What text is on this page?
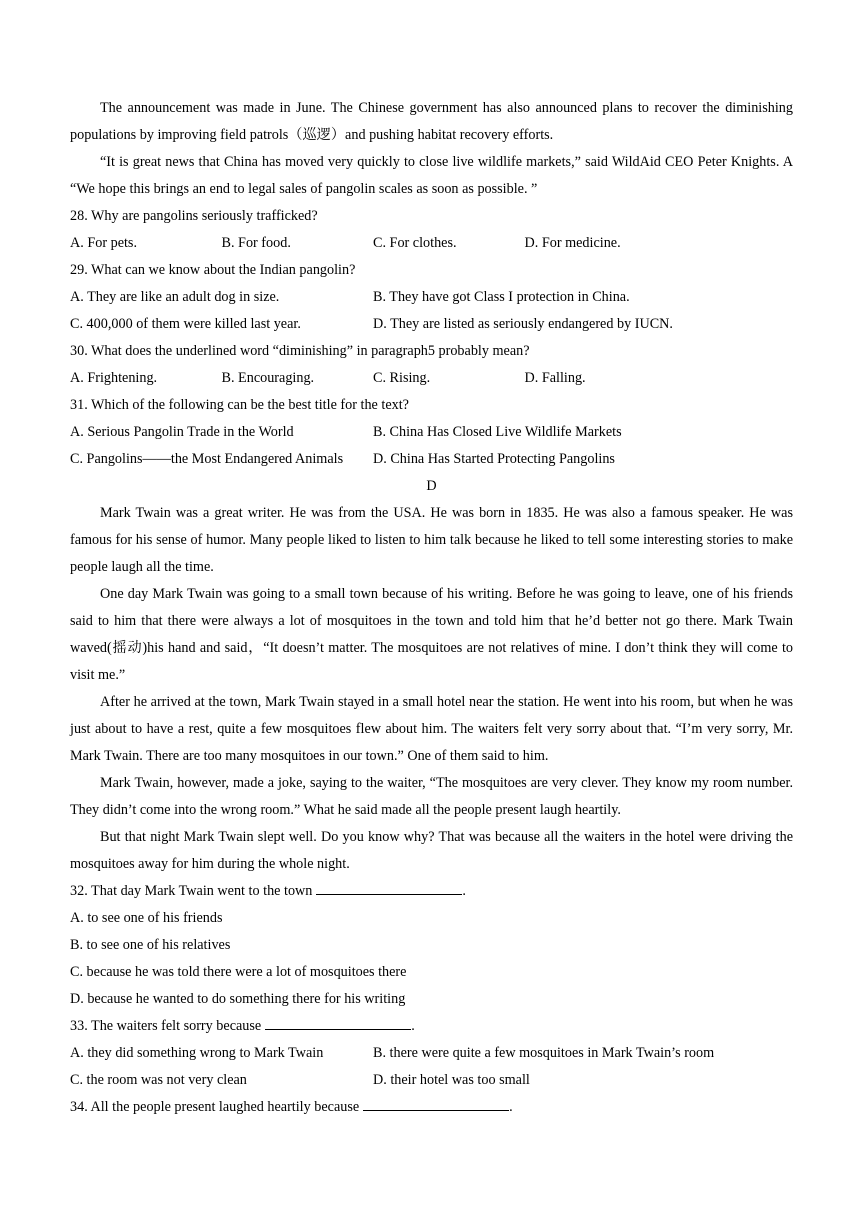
The announcement was made in June. The Chinese government has also announced plans to recover the diminishing populations by improving field patrols（巡逻）and pushing habitat recovery efforts.

“It is great news that China has moved very quickly to close live wildlife markets,” said WildAid CEO Peter Knights. A “We hope this brings an end to legal sales of pangolin scales as soon as possible. ”

28. Why are pangolins seriously trafficked?

A. For pets.	B. For food.	C. For clothes.	D. For medicine.

29. What can we know about the Indian pangolin?

A. They are like an adult dog in size.	B. They have got Class I protection in China.
C. 400,000 of them were killed last year.	D. They are listed as seriously endangered by IUCN.

30. What does the underlined word “diminishing” in paragraph5 probably mean?

A. Frightening.	B. Encouraging.	C. Rising.	D. Falling.

31. Which of the following can be the best title for the text?

A. Serious Pangolin Trade in the World	B. China Has Closed Live Wildlife Markets
C. Pangolins——the Most Endangered Animals	D. China Has Started Protecting Pangolins

D

Mark Twain was a great writer. He was from the USA. He was born in 1835. He was also a famous speaker. He was famous for his sense of humor. Many people liked to listen to him talk because he liked to tell some interesting stories to make people laugh all the time.

One day Mark Twain was going to a small town because of his writing. Before he was going to leave, one of his friends said to him that there were always a lot of mosquitoes in the town and told him that he’d better not go there. Mark Twain waved(摇动)his hand and said，“It doesn’t matter. The mosquitoes are not relatives of mine. I don’t think they will come to visit me.”

After he arrived at the town, Mark Twain stayed in a small hotel near the station. He went into his room, but when he was just about to have a rest, quite a few mosquitoes flew about him. The waiters felt very sorry about that. “I’m very sorry, Mr. Mark Twain. There are too many mosquitoes in our town.” One of them said to him.

Mark Twain, however, made a joke, saying to the waiter, “The mosquitoes are very clever. They know my room number. They didn’t come into the wrong room.” What he said made all the people present laugh heartily.

But that night Mark Twain slept well. Do you know why? That was because all the waiters in the hotel were driving the mosquitoes away for him during the whole night.

32. That day Mark Twain went to the town	.

A. to see one of his friends

B. to see one of his relatives

C. because he was told there were a lot of mosquitoes there

D. because he wanted to do something there for his writing

33. The waiters felt sorry because	.

A. they did something wrong to Mark Twain	B. there were quite a few mosquitoes in Mark Twain’s room
C. the room was not very clean	D. their hotel was too small

34. All the people present laughed heartily because	.
